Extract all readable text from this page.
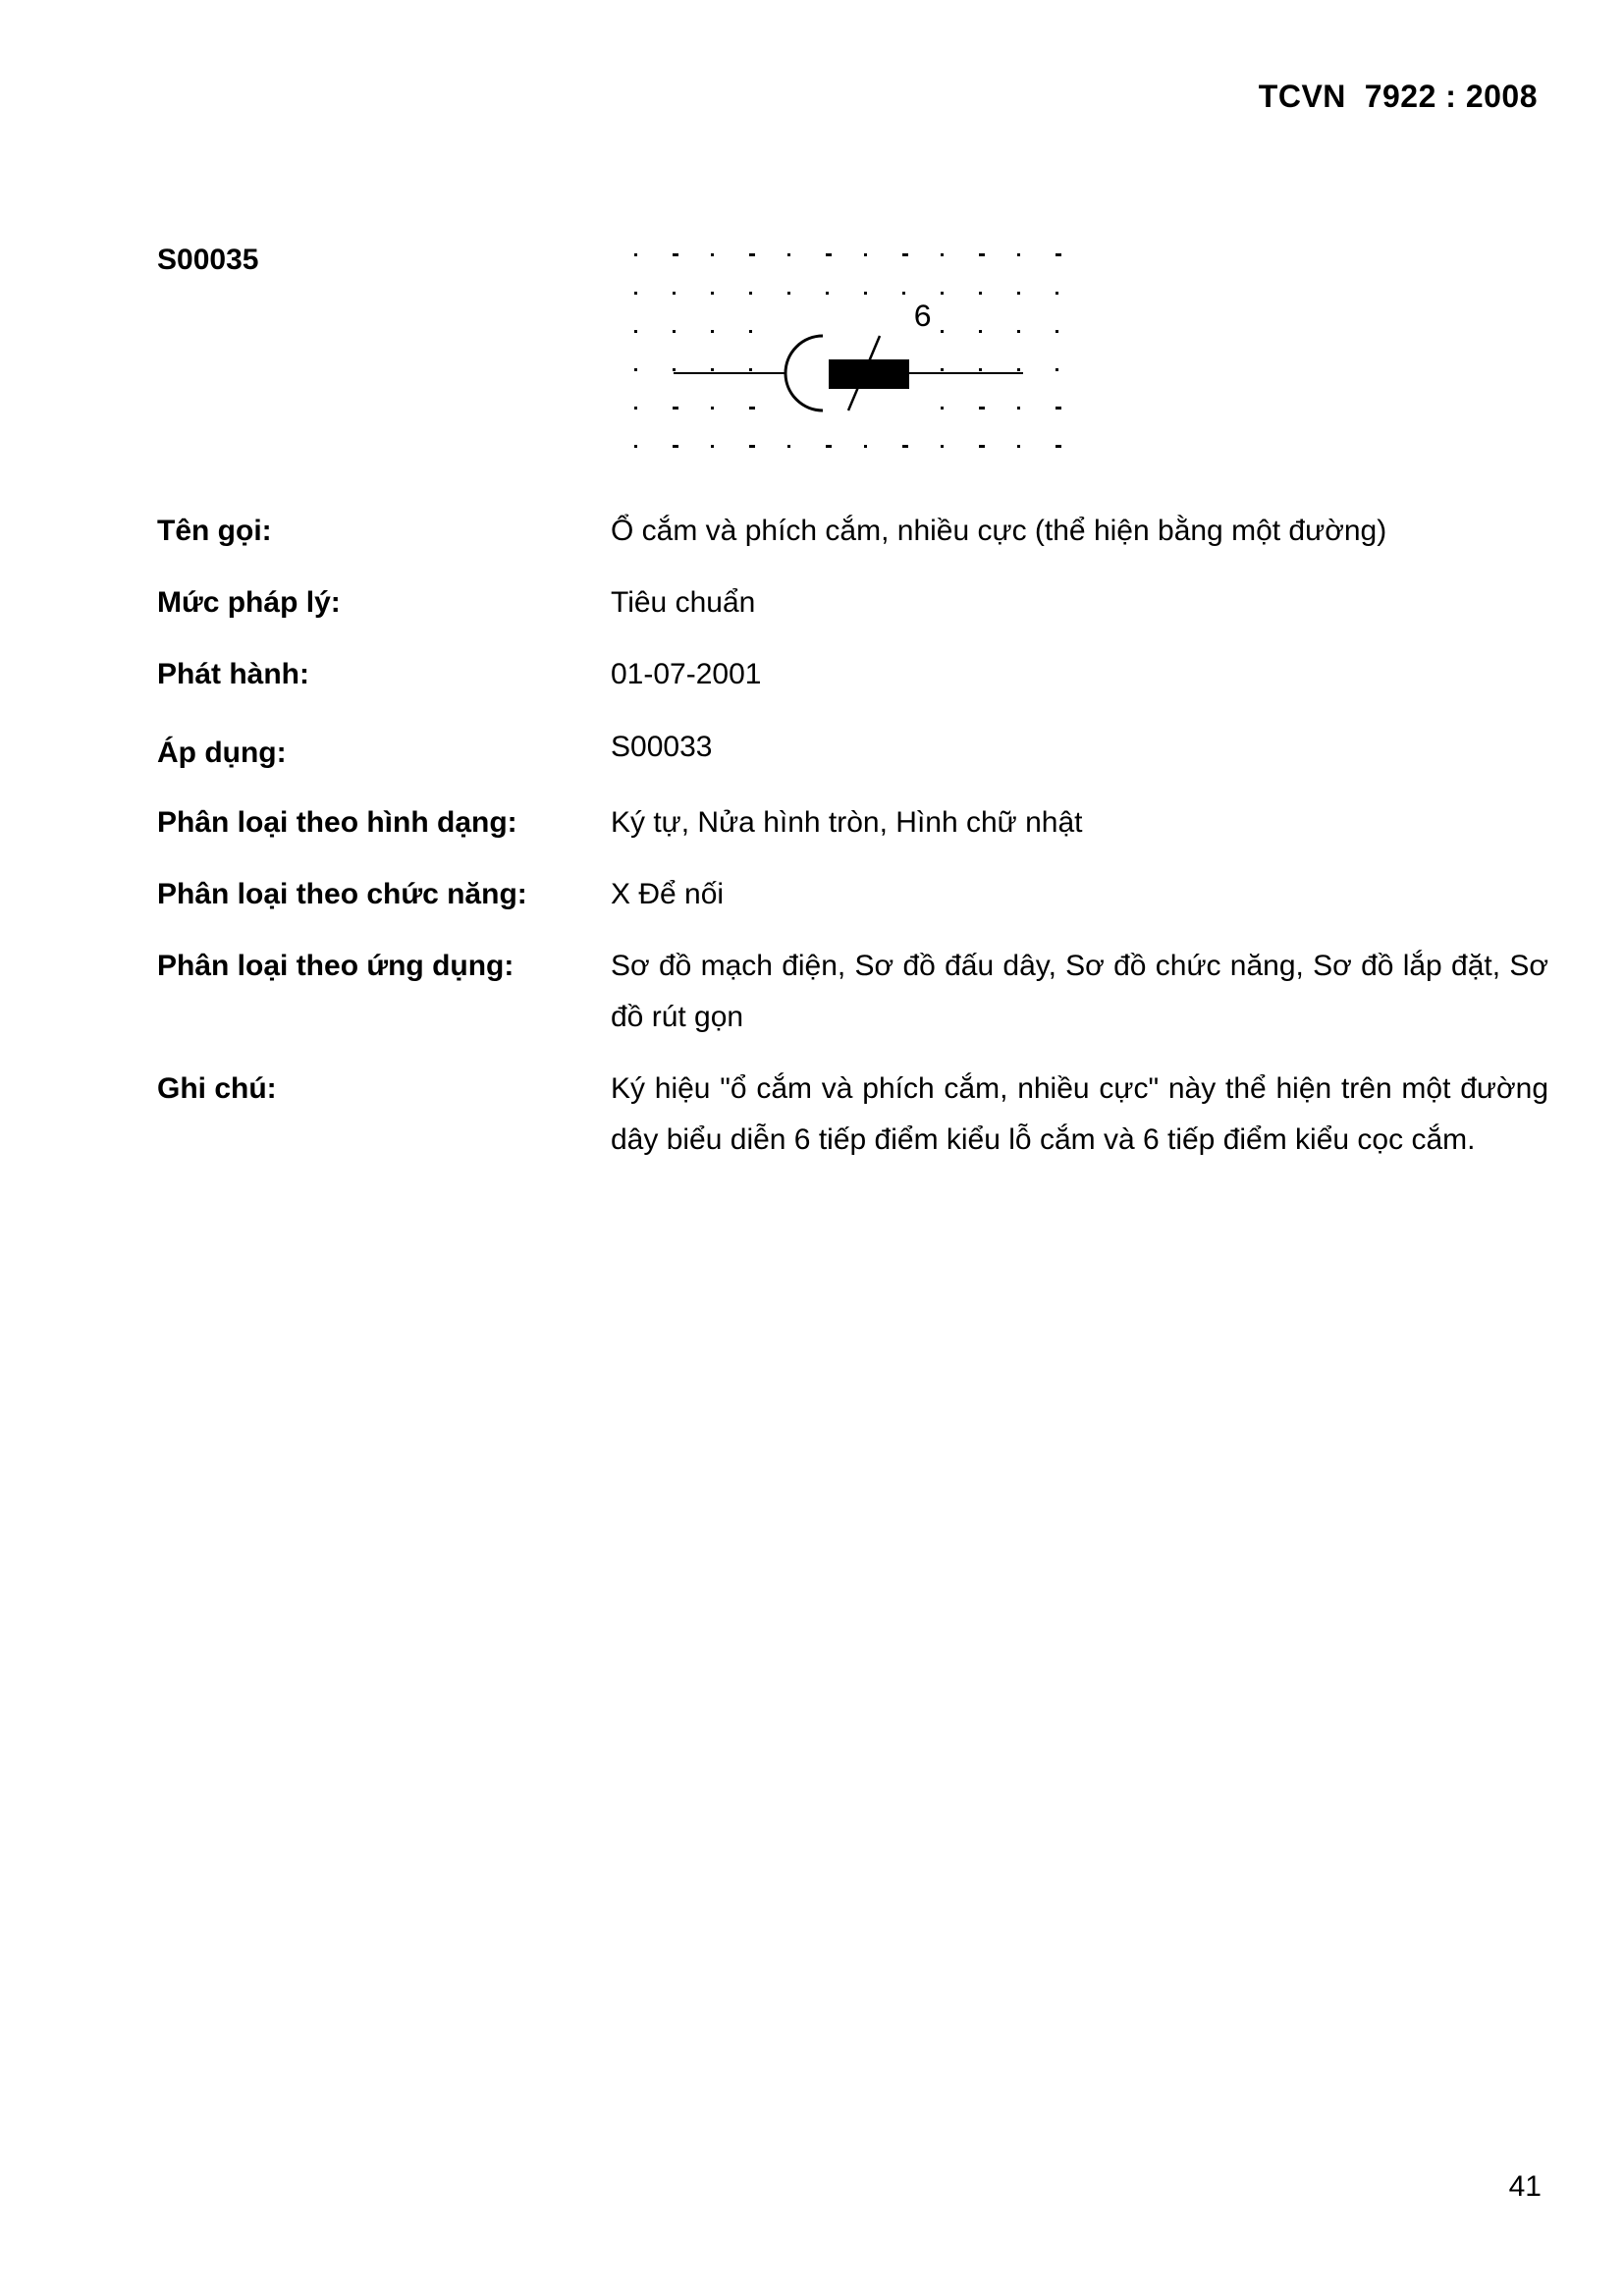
TCVN  7922 : 2008
S00035
6
Tên gọi:	Ổ cắm và phích cắm, nhiều cực (thể hiện bằng một đường)
Mức pháp lý:	Tiêu chuẩn
Phát hành:	01-07-2001
Áp dụng:	S00033
Phân loại theo hình dạng:	Ký tự, Nửa hình tròn, Hình chữ nhật
Phân loại theo chức năng:	X Để nối
Phân loại theo ứng dụng:	Sơ đồ mạch điện, Sơ đồ đấu dây, Sơ đồ chức năng, Sơ đồ lắp đặt, Sơ đồ rút gọn
Ghi chú:	Ký hiệu "ổ cắm và phích cắm, nhiều cực" này thể hiện trên một đường dây biểu diễn 6 tiếp điểm kiểu lỗ cắm và 6 tiếp điểm kiểu cọc cắm.
41
